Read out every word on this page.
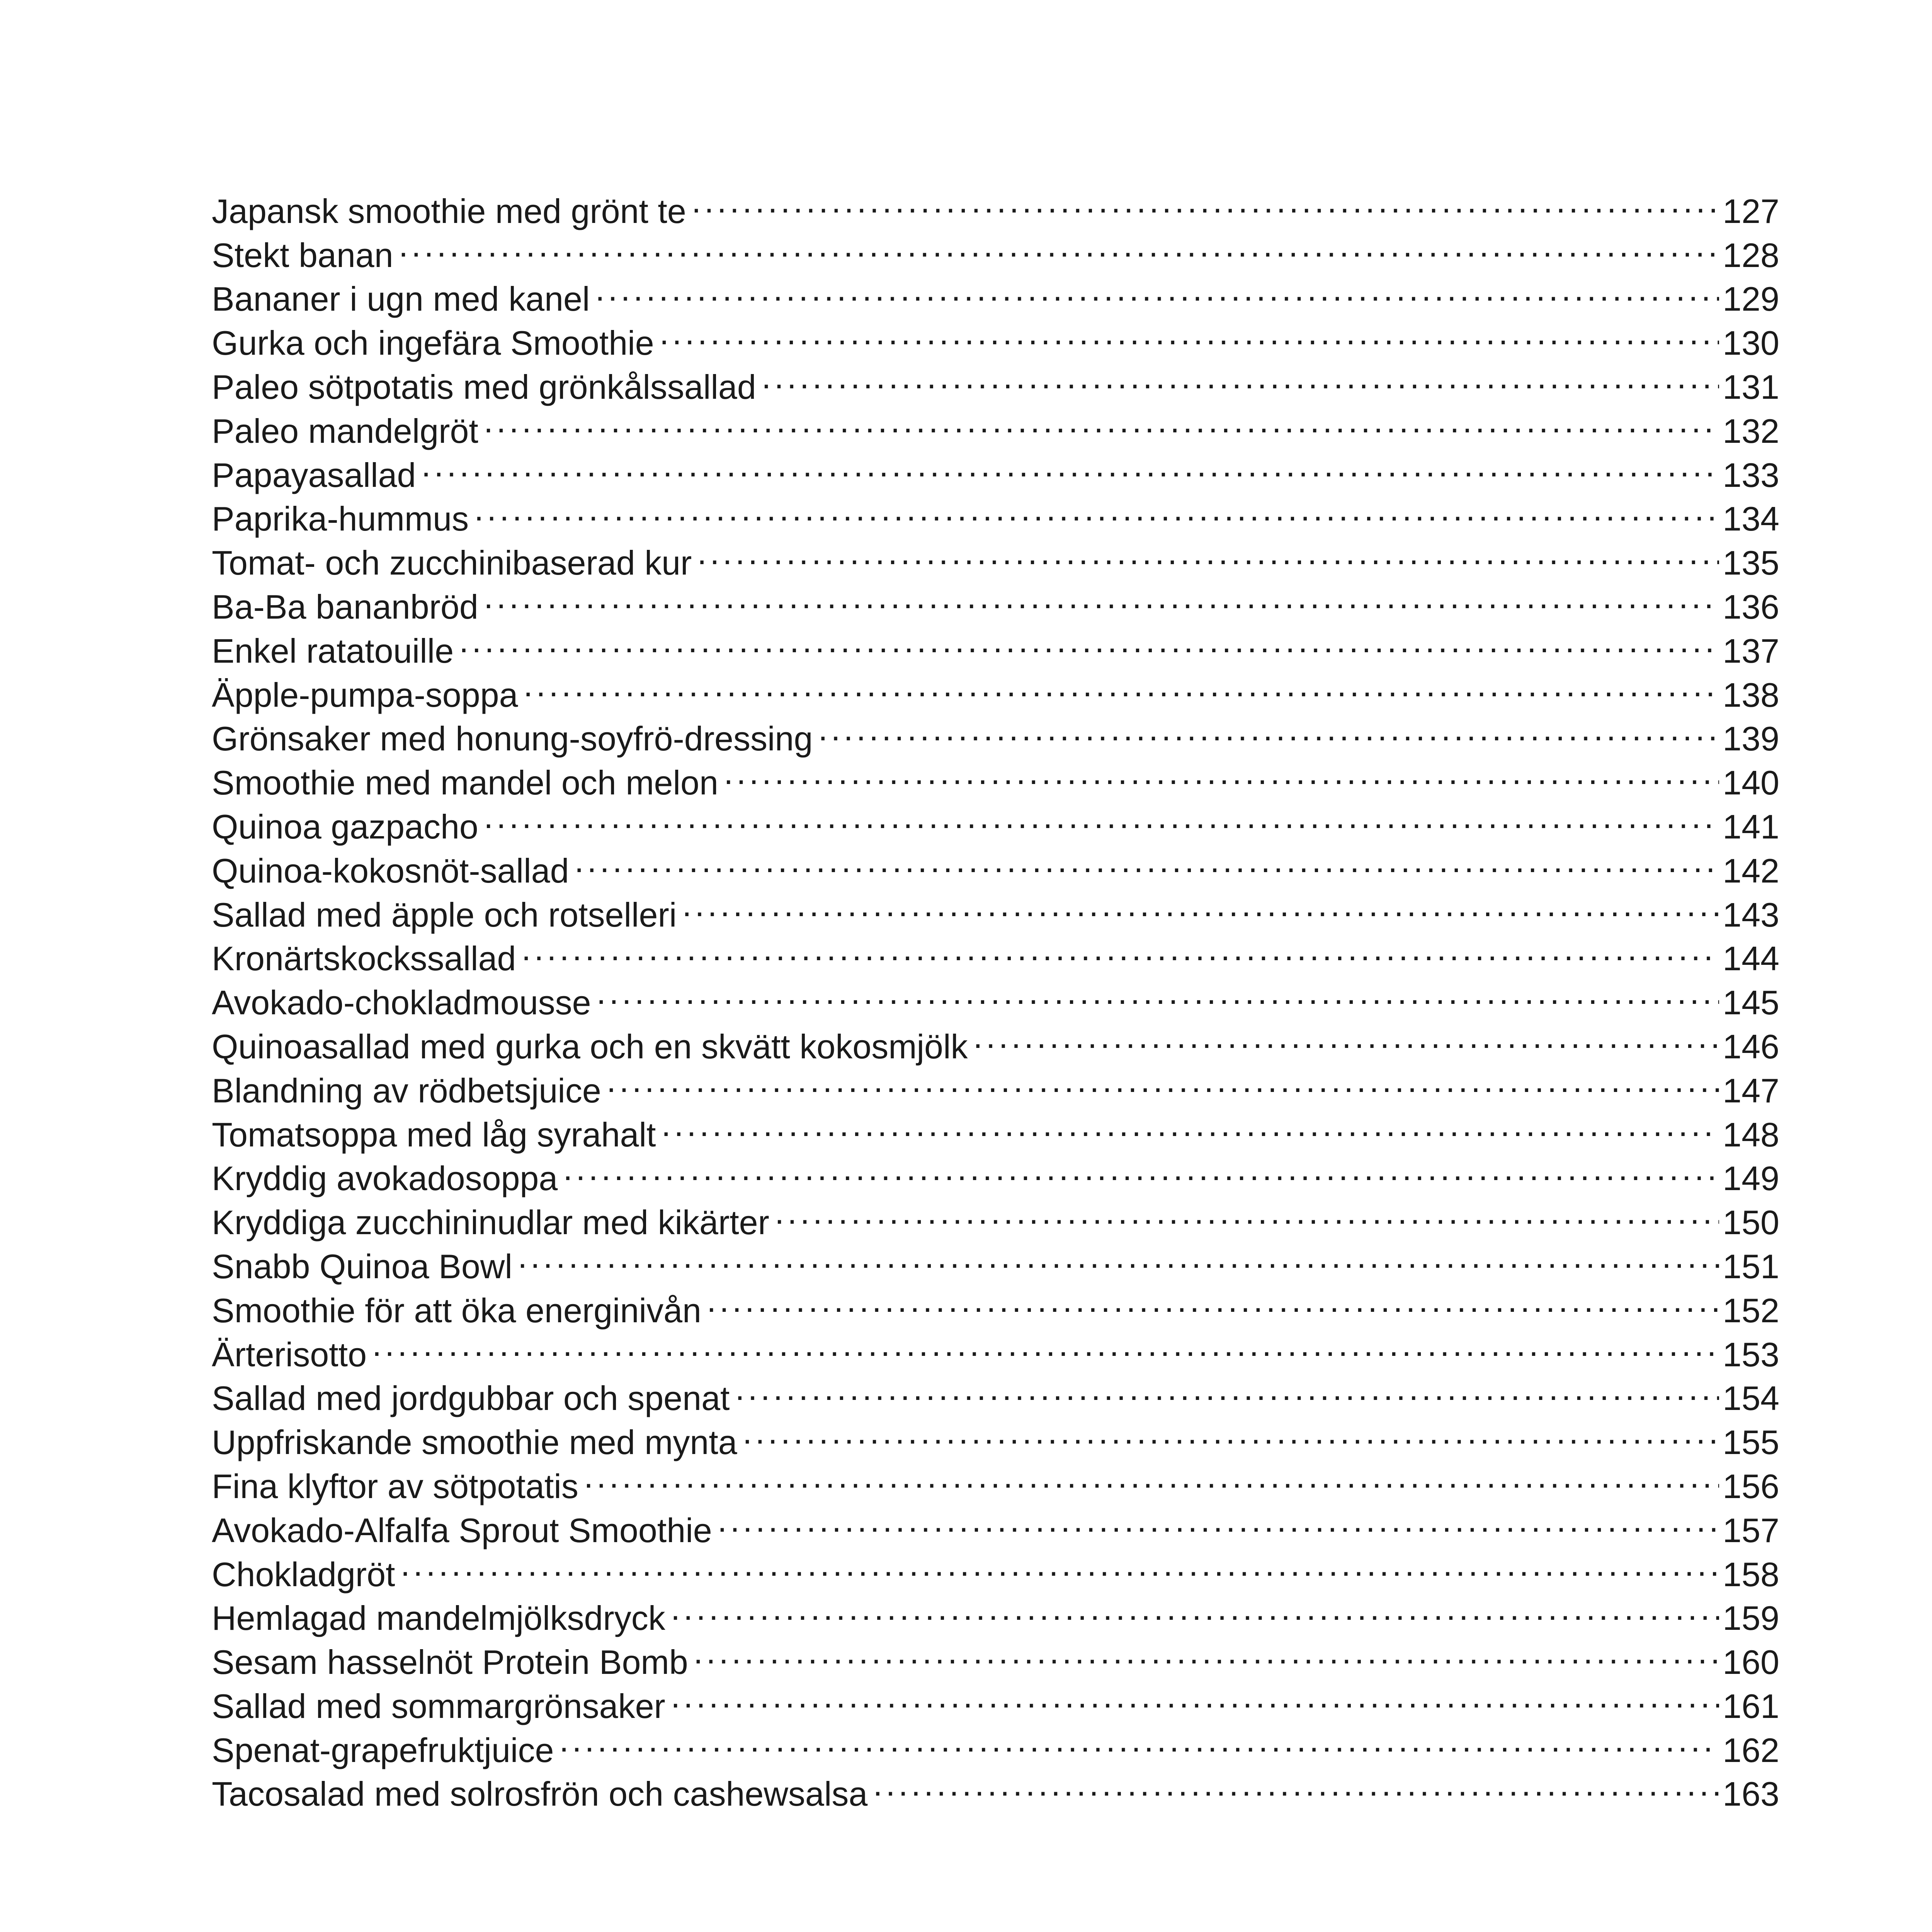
Japansk smoothie med grönt te . . .	127
Stekt banan . . .	128
Bananer i ugn med kanel . . .	129
Gurka och ingefära Smoothie . . .	130
Paleo sötpotatis med grönkålssallad . . .	131
Paleo mandelgröt . . .	132
Papayasallad . . .	133
Paprika-hummus . . .	134
Tomat- och zucchinibaserad kur . . .	135
Ba-Ba bananbröd . . .	136
Enkel ratatouille . . .	137
Äpple-pumpa-soppa . . .	138
Grönsaker med honung-soyfrö-dressing . . .	139
Smoothie med mandel och melon . . .	140
Quinoa gazpacho . . .	141
Quinoa-kokosnöt-sallad . . .	142
Sallad med äpple och rotselleri . . .	143
Kronärtskockssallad . . .	144
Avokado-chokladmousse . . .	145
Quinoasallad med gurka och en skvätt kokosmjölk . . .	146
Blandning av rödbetsjuice . . .	147
Tomatsoppa med låg syrahalt . . .	148
Kryddig avokadosoppa . . .	149
Kryddiga zucchininudlar med kikärter . . .	150
Snabb Quinoa Bowl . . .	151
Smoothie för att öka energinivån . . .	152
Ärterisotto . . .	153
Sallad med jordgubbar och spenat . . .	154
Uppfriskande smoothie med mynta . . .	155
Fina klyftor av sötpotatis . . .	156
Avokado-Alfalfa Sprout Smoothie . . .	157
Chokladgröt . . .	158
Hemlagad mandelmjölksdryck . . .	159
Sesam hasselnöt Protein Bomb . . .	160
Sallad med sommargrönsaker . . .	161
Spenat-grapefruktjuice . . .	162
Tacosalad med solrosfrön och cashewsalsa . . .	163
